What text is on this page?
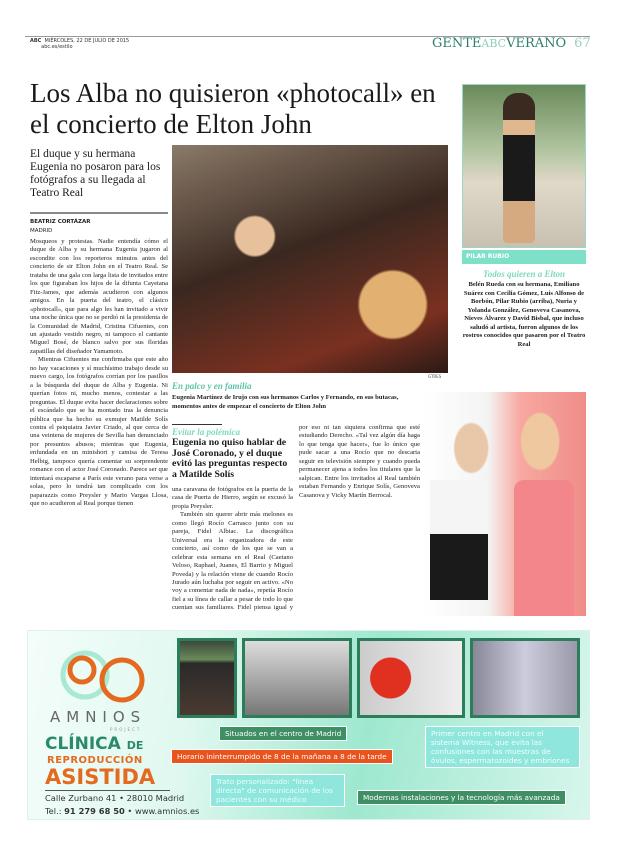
ABC MIÉRCOLES, 22 DE JULIO DE 2015
abc.es/estilo	GENTEABCVERANO 67
Los Alba no quisieron «photocall» en el concierto de Elton John
El duque y su hermana Eugenia no posaron para los fotógrafos a su llegada al Teatro Real
BEATRIZ CORTÁZAR
MADRID

Mosqueos y protestas. Nadie entendía cómo el duque de Alba y su hermana Eugenia jugaron al escondite con los reporteros minutos antes del concierto de sir Elton John en el Teatro Real. Se trataba de una gala con larga lista de invitados entre los que figuraban los hijos de la difunta Cayetana Fitz-James, que además acudieron con algunos amigos. En la puerta del teatro, el clásico «photocall», que para algo les han invitado a vivir una noche única que no se perdió ni la presidenta de la Comunidad de Madrid, Cristina Cifuentes, con un ajustado vestido negro, ni tampoco el cantante Miguel Bosé, de blanco salvo por sus floridas zapatillas del diseñador Yamamoto.

Mientras Cifuentes me confirmaba que este año no hay vacaciones y sí muchísimo trabajo desde su nuevo cargo, los fotógrafos corrían por los pasillos a la búsqueda del duque de Alba y Eugenia. Ni querían fotos ni, mucho menos, contestar a las preguntas. El duque evita hacer declaraciones sobre el escándalo que se ha montado tras la denuncia pública que ha hecho su exmujer Matilde Solís contra el psiquiatra Javier Criado, al que cerca de una veintena de mujeres de Sevilla han denunciado por presuntos abusos; mientras que Eugenia, enfundada en un minishort y camisa de Teresa Helbig, tampoco quería comentar su sorprendente romance con el actor José Coronado. Parece ser que intentará escaparse a París este verano para verse a solas, pero lo tendrá tan complicado con los paparazzis como Preysler y Mario Vargas Llosa, que no acudieron al Real porque tienen

GTRES
En palco y en familia
Eugenia Martínez de Irujo con sus hermanos Carlos y Fernando, en sus butacas, momentos antes de empezar el concierto de Elton John
Evitar la polémica
Eugenia no quiso hablar de José Coronado, y el duque evitó las preguntas respecto a Matilde Solís

una caravana de fotógrafos en la puerta de la casa de Puerta de Hierro, según se excusó la propia Preysler.

También sin querer abrir más melones es como llegó Rocío Carrasco junto con su pareja, Fidel Albiac. La discográfica Universal era la organizadora de este concierto, así como de los que se van a celebrar esta semana en el Real (Caetano Veloso, Raphael, Juanes, El Barrio y Miguel Poveda) y la relación viene de cuando Rocío Jurado aún luchaba por seguir en activo. «No voy a comentar nada de nada», repetía Rocío fiel a su línea de callar a pesar de todo lo que cuentan sus familiares. Fidel piensa igual y por eso ni tan siquiera confirma que esté estudiando Derecho. «Tal vez algún día haga lo que tenga que hacer», fue lo único que pude sacar a una Rocío que no descarta seguir en televisión siempre y cuando pueda permanecer ajena a todos los titulares que la salpican. Entre los invitados al Real también estaban Fernando y Enrique Solís, Genoveva Casanova y Vicky Martín Berrocal.

PILAR RUBIO
Todos quieren a Elton
Belén Rueda con su hermana, Emiliano Suárez con Cecilia Gómez, Luis Alfonso de Borbón, Pilar Rubio (arriba), Nuria y Yolanda González, Genoveva Casanova, Nieves Álvarez y David Bisbal, que incluso saludó al artista, fueron algunos de los rostros conocidos que pasaron por el Teatro Real
AMNIOS
PROJECT
CLÍNICA DE
REPRODUCCIÓN
ASISTIDA
Calle Zurbano 41 • 28010 Madrid
Tel.: 91 279 68 50 • www.amnios.es
Situados en el centro de Madrid
Horario ininterrumpido de 8 de la mañana a 8 de la tarde
Trato personalizado: "línea directa" de comunicación de los pacientes con su médico
Primer centro en Madrid con el sistema Witness, que evita las confusiones con las muestras de óvulos, espermatozoides y embriones
Modernas instalaciones y la tecnología más avanzada
